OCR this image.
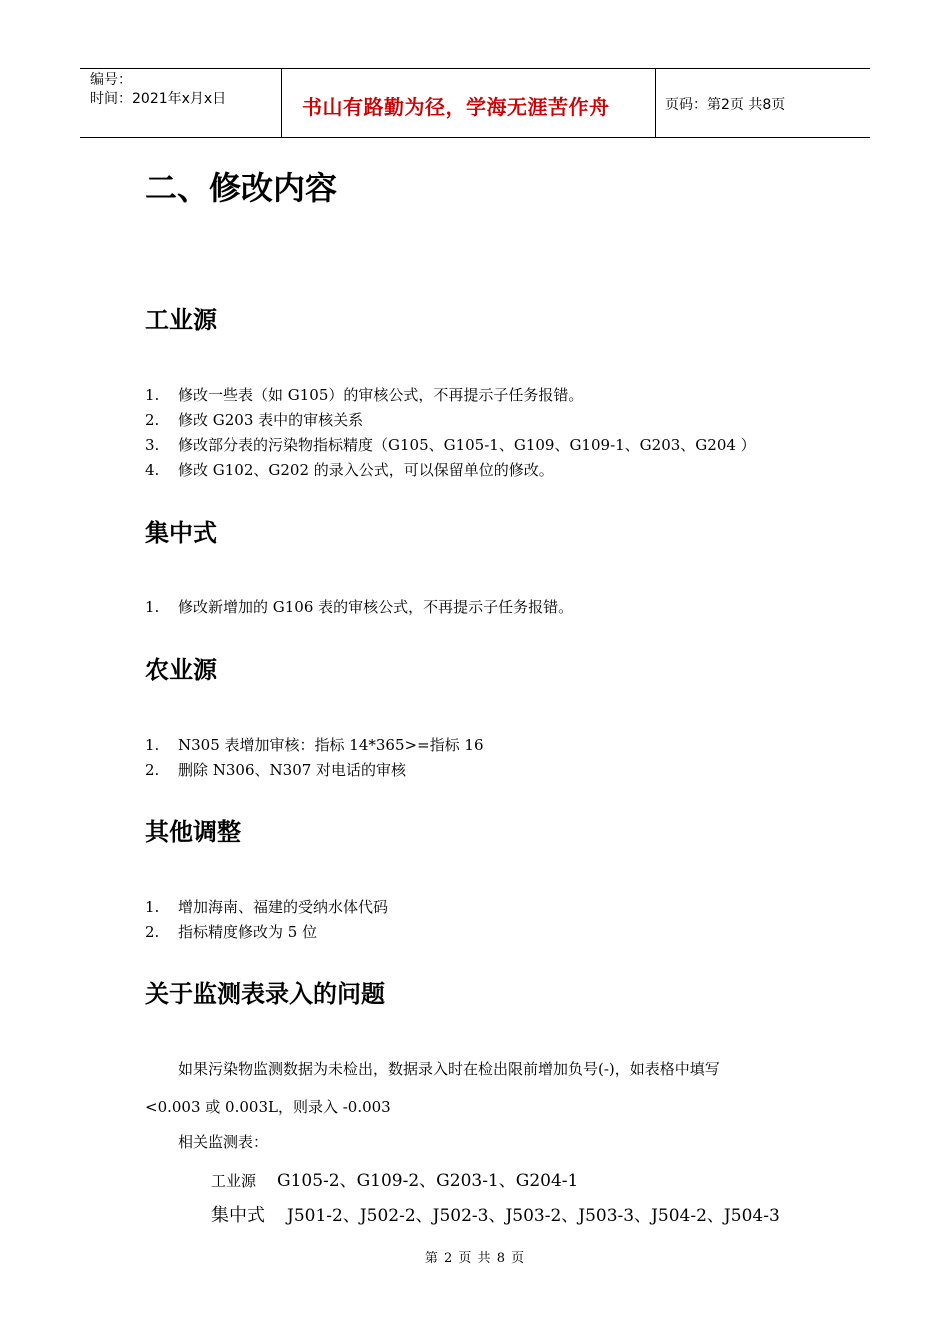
编号：
时间：2021年x月x日	书山有路勤为径，学海无涯苦作舟	页码：第2页 共8页
二、修改内容
工业源
1. 修改一些表（如 G105）的审核公式，不再提示子任务报错。
2. 修改 G203 表中的审核关系
3. 修改部分表的污染物指标精度（G105、G105-1、G109、G109-1、G203、G204 ）
4. 修改 G102、G202 的录入公式，可以保留单位的修改。
集中式
1. 修改新增加的 G106 表的审核公式，不再提示子任务报错。
农业源
1. N305 表增加审核：指标 14*365>=指标 16
2. 删除 N306、N307 对电话的审核
其他调整
1. 增加海南、福建的受纳水体代码
2. 指标精度修改为 5 位
关于监测表录入的问题
如果污染物监测数据为未检出，数据录入时在检出限前增加负号(-)，如表格中填写
<0.003 或 0.003L，则录入 -0.003
相关监测表：
工业源 G105-2、G109-2、G203-1、G204-1
集中式 J501-2、J502-2、J502-3、J503-2、J503-3、J504-2、J504-3
第 2 页 共 8 页
